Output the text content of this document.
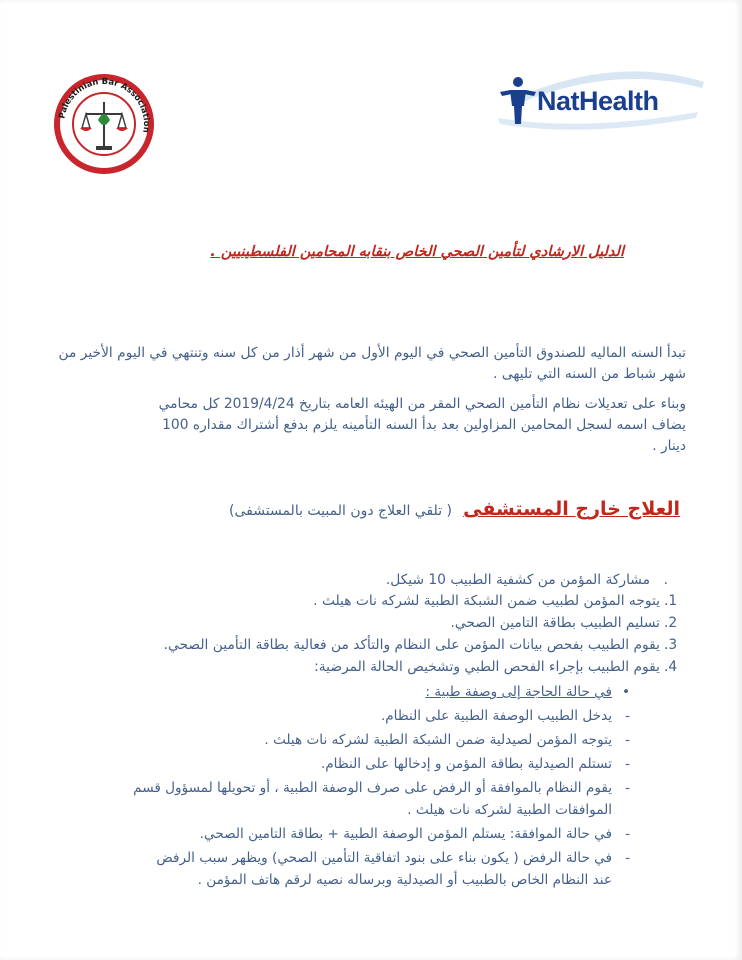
Palestinian Bar Association
NatHealth
الدليل الارشادي لتأمين الصحي الخاص بنقابه المحامين الفلسطينيين .
تبدأ السنه الماليه للصندوق التأمين الصحي في اليوم الأول من شهر أذار من كل سنه وتنتهي في اليوم الأخير من شهر شباط من السنه التي تليهى .
وبناء على تعديلات نظام التأمين الصحي المقر من الهيئه العامه بتاريخ 2019/4/24 كل محامي
يضاف اسمه لسجل المحامين المزاولين بعد بدأ السنه التأمينه يلزم بدفع أشتراك مقداره 100
دينار .
العلاج خارج المستشفى ( تلقي العلاج دون المبيت بالمستشفى)
.مشاركة المؤمن من كشفية الطبيب 10 شيكل.
1.يتوجه المؤمن لطبيب ضمن الشبكة الطبية لشركه نات هيلث .
2.تسليم الطبيب بطاقة التامين الصحي.
3.يقوم الطبيب بفحص بيانات المؤمن على النظام والتأكد من فعالية بطاقة التأمين الصحي.
4.يقوم الطبيب بإجراء الفحص الطبي وتشخيص الحالة المرضية:
•في حالة الحاجة إلى وصفة طبية :
-يدخل الطبيب الوصفة الطبية على النظام.
-يتوجه المؤمن لصيدلية ضمن الشبكة الطبية لشركه نات هيلث .
-تستلم الصيدلية بطاقة المؤمن و إدخالها على النظام.
-يقوم النظام بالموافقة أو الرفض على صرف الوصفة الطبية ، أو تحويلها لمسؤول قسم
الموافقات الطبية لشركه نات هيلث .
-في حالة الموافقة: يستلم المؤمن الوصفة الطبية + بطاقة التامين الصحي.
-في حالة الرفض ( يكون بناء على بنود اتفاقية التأمين الصحي) ويظهر سبب الرفض
عند النظام الخاص بالطبيب أو الصيدلية وبرساله نصيه لرقم هاتف المؤمن .
